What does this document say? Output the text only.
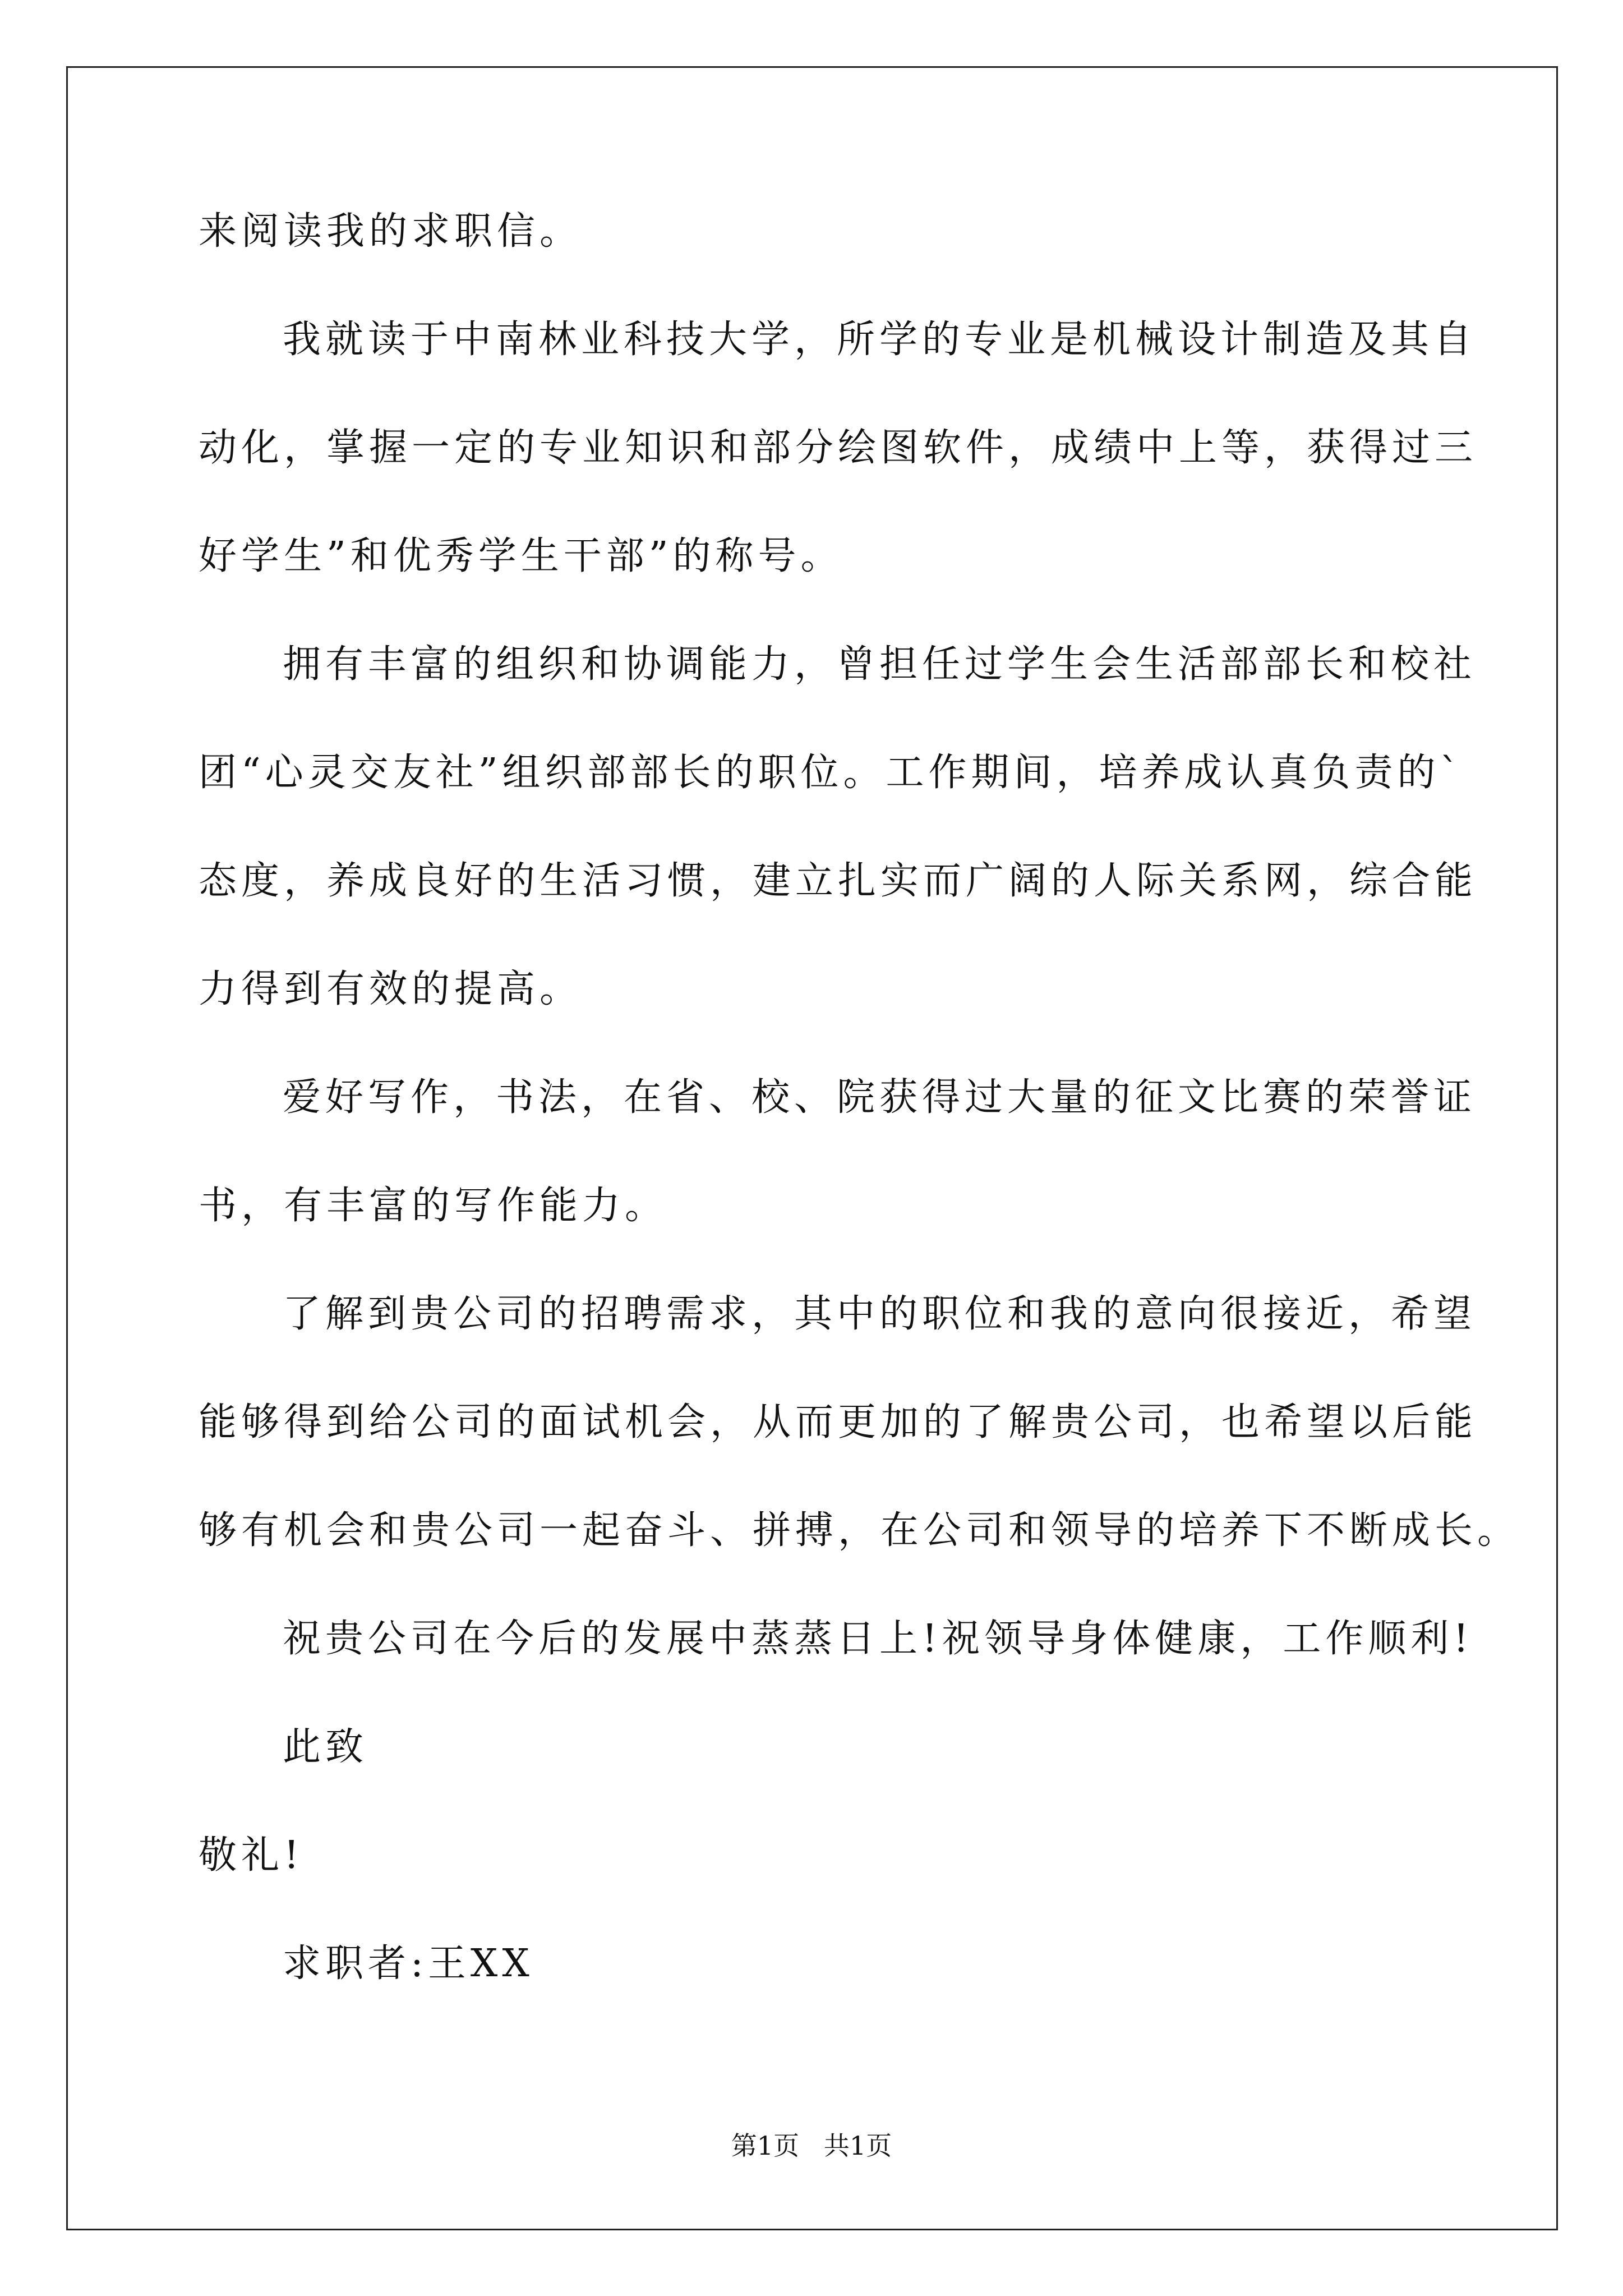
来阅读我的求职信。
我就读于中南林业科技大学，所学的专业是机械设计制造及其自
动化，掌握一定的专业知识和部分绘图软件，成绩中上等，获得过三
好学生”和优秀学生干部”的称号。
拥有丰富的组织和协调能力，曾担任过学生会生活部部长和校社
团“心灵交友社”组织部部长的职位。工作期间，培养成认真负责的`
态度，养成良好的生活习惯，建立扎实而广阔的人际关系网，综合能
力得到有效的提高。
爱好写作，书法，在省、校、院获得过大量的征文比赛的荣誉证
书，有丰富的写作能力。
了解到贵公司的招聘需求，其中的职位和我的意向很接近，希望
能够得到给公司的面试机会，从而更加的了解贵公司，也希望以后能
够有机会和贵公司一起奋斗、拼搏，在公司和领导的培养下不断成长。
祝贵公司在今后的发展中蒸蒸日上!祝领导身体健康，工作顺利!
此致
敬礼!
求职者:王XX
第1页   共1页
